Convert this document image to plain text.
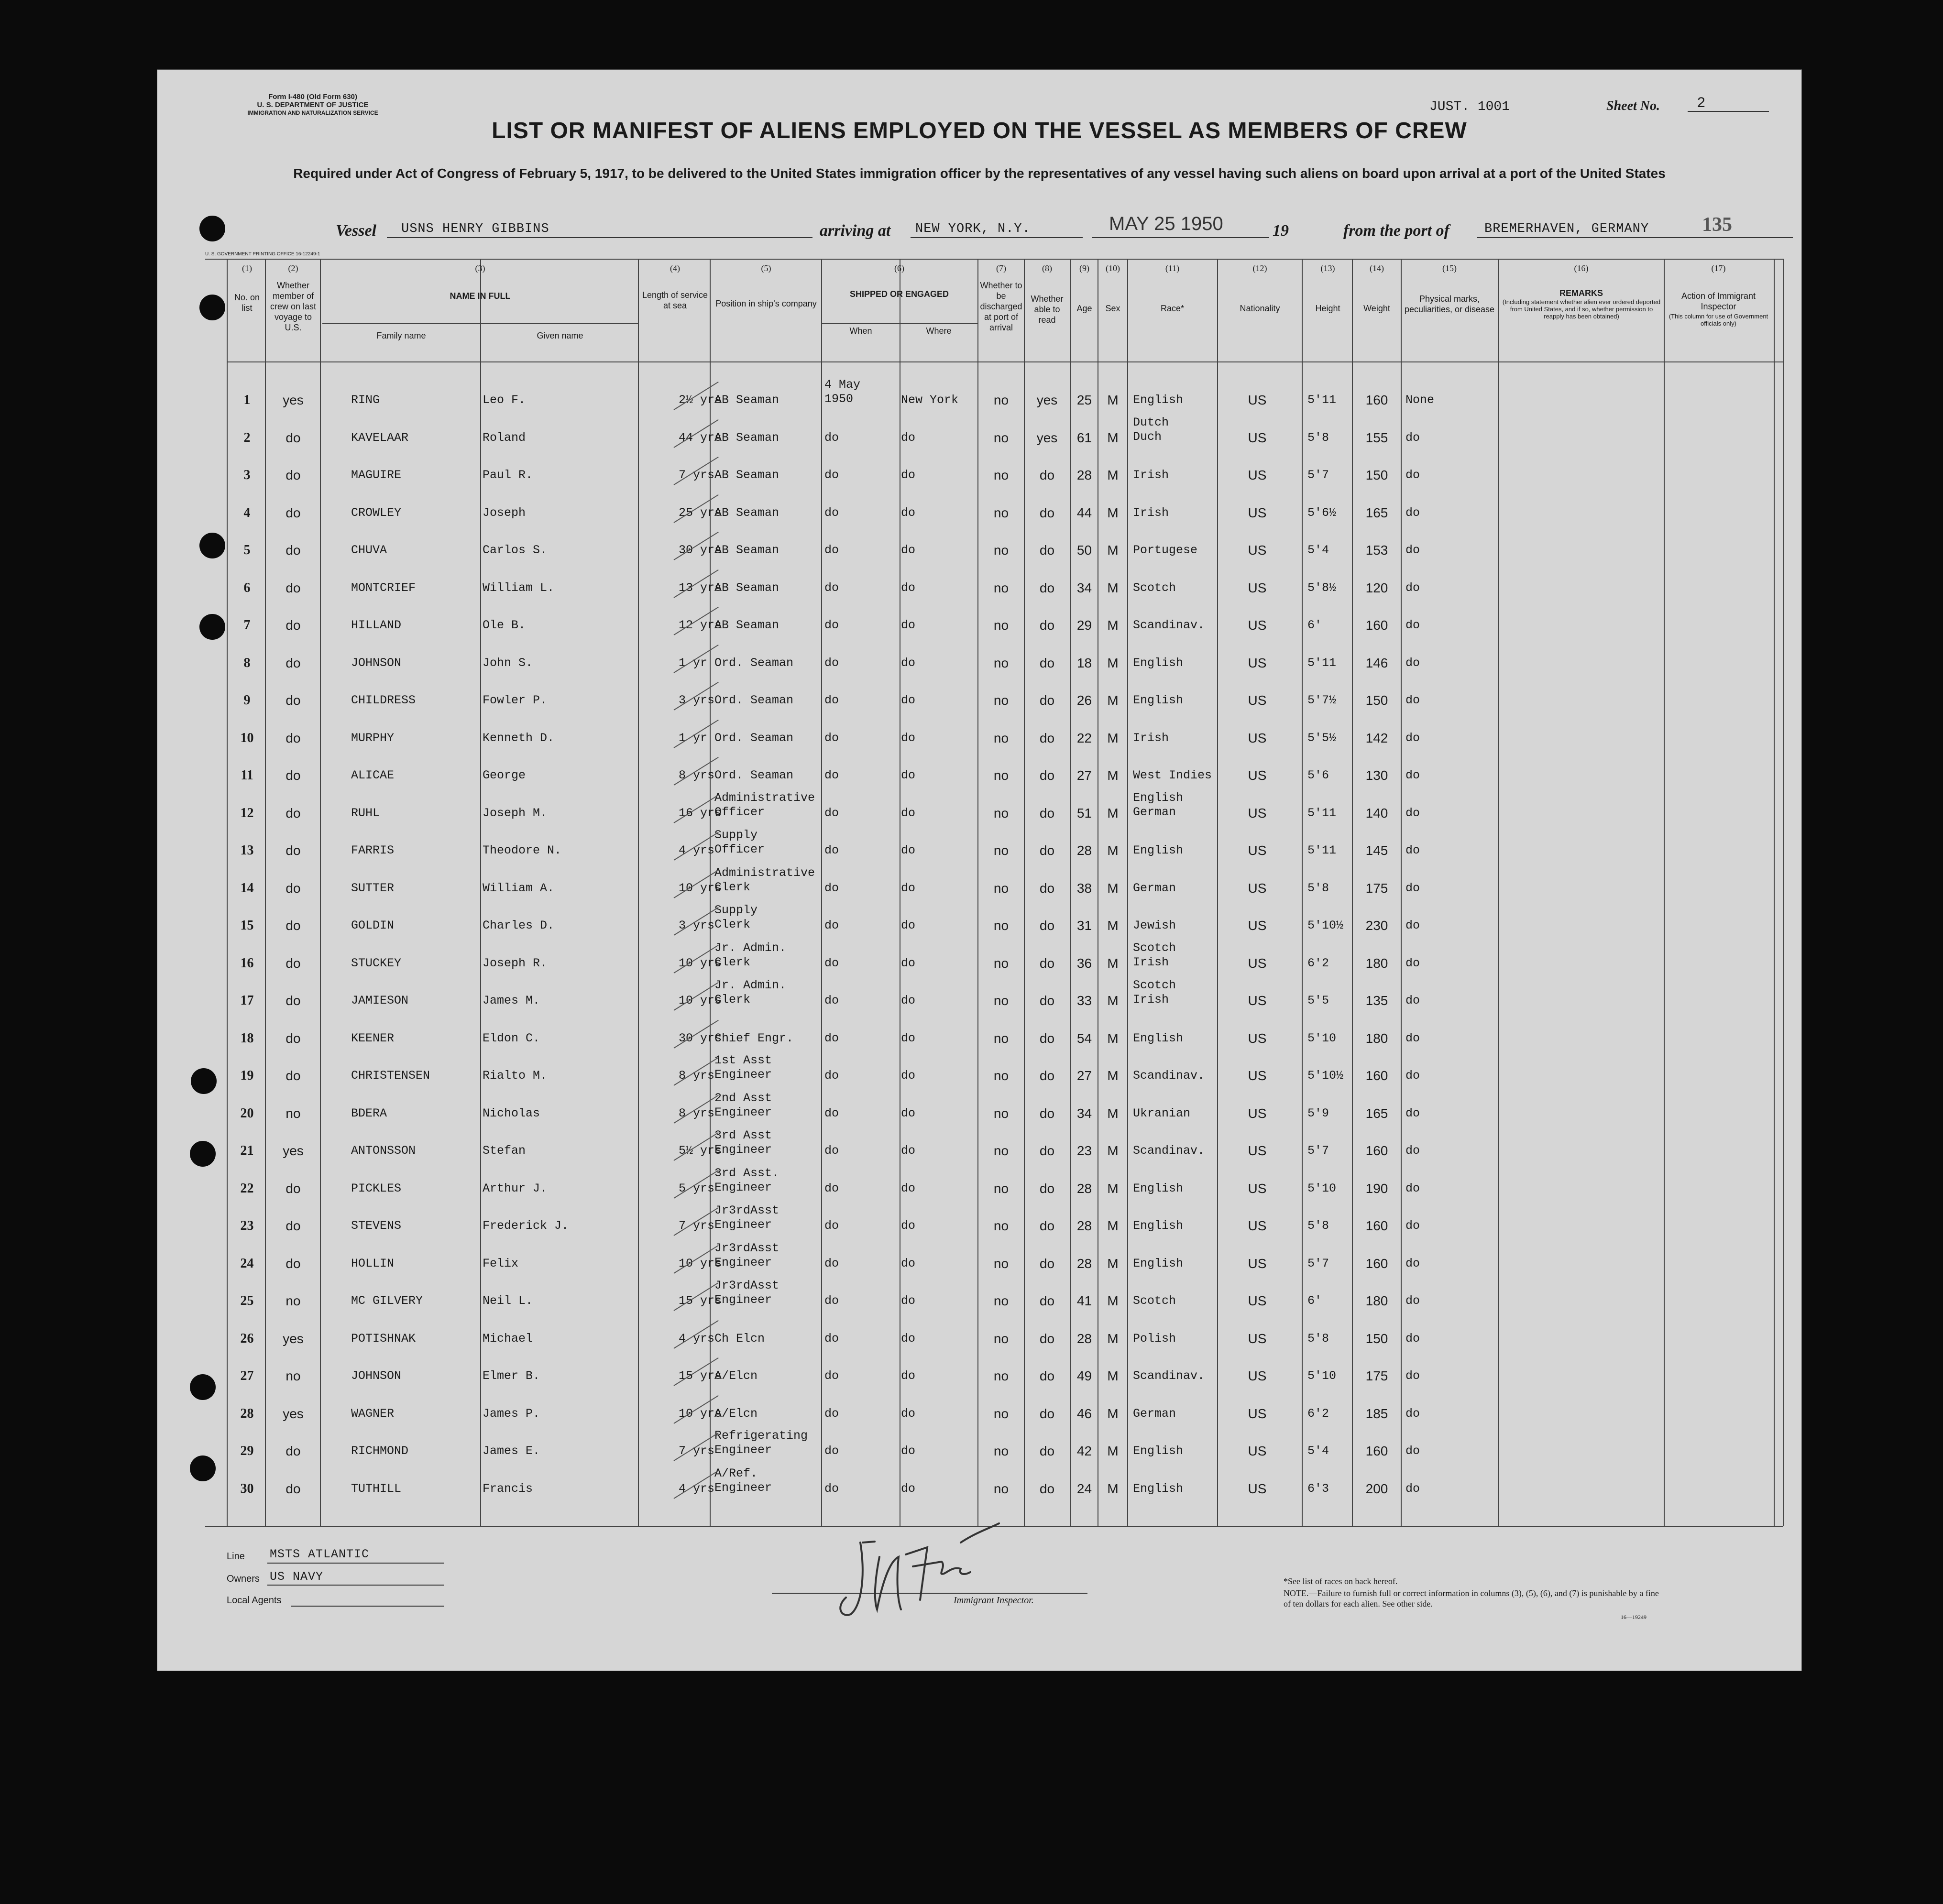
Form I-480 (Old Form 630)
U. S. DEPARTMENT OF JUSTICE
IMMIGRATION AND NATURALIZATION SERVICE	JUST. 1001	Sheet No.	2
LIST OR MANIFEST OF ALIENS EMPLOYED ON THE VESSEL AS MEMBERS OF CREW
Required under Act of Congress of February 5, 1917, to be delivered to the United States immigration officer by the representatives of any vessel having such aliens on board upon arrival at a port of the United States
Vessel USNS HENRY GIBBINS	arriving at NEW YORK, N.Y.	MAY 25 1950	19	from the port of	BREMERHAVEN, GERMANY	135
U. S. GOVERNMENT PRINTING OFFICE 16-12249-1
No. on list
Whether member of crew on last voyage to U.S.
NAME IN FULL
Family name	Given name
Length of service at sea	Position in ship's company
SHIPPED OR ENGAGED
When	Where
Whether to be discharged at port of arrival
Whether able to read
Age	Sex	Race*	Nationality	Height	Weight
Physical marks, peculiarities, or disease
REMARKS
(Including statement whether alien ever ordered deported from United States, and if so, whether permission to reapply has been obtained)
Action of Immigrant Inspector
(This column for use of Government officials only)
(1)	(2)	(3)	(4)	(5)	(6)	(7)	(8)	(9)	(10)	(11)	(12)	(13)	(14)	(15)	(16)	(17)
1	yes	RING	Leo F.	2½ yrs
AB Seaman
4 May
1950	New York	no	yes	25	M	English	US	5'11	160	None
2	do	KAVELAAR	Roland	44 yrs
AB Seaman	do	do	no	yes	61	M
Dutch
Duch	US	5'8	155	do
3	do	MAGUIRE	Paul R.	7 yrs AB Seaman	do	do	no	do	28	M	Irish	US	5'7	150	do
4	do	CROWLEY	Joseph	25 yrs
AB Seaman	do	do	no	do	44	M	Irish	US	5'6½	165	do
5	do	CHUVA	Carlos S.	30 yrs
AB Seaman	do	do	no	do	50	M	Portugese	US	5'4	153	do
6	do	MONTCRIEF	William L.	13 yrs
AB Seaman	do	do	no	do	34	M	Scotch	US	5'8½	120	do
7	do	HILLAND	Ole B.	12 yrs
AB Seaman	do	do	no	do	29	M	Scandinav.	US	6'	160	do
8	do	JOHNSON	John S.	1 yr Ord. Seaman	do	do	no	do	18	M	English	US	5'11	146	do
9	do	CHILDRESS	Fowler P.	3 yrs Ord. Seaman	do	do	no	do	26	M	English	US	5'7½	150	do
10	do	MURPHY	Kenneth D.	1 yr Ord. Seaman	do	do	no	do	22	M	Irish	US	5'5½	142	do
11	do	ALICAE	George	8 yrs Ord. Seaman	do	do	no	do	27	M	West Indies	US	5'6	130	do
12	do	RUHL	Joseph M.	16 yrs
Administrative
Officer	do	do	no	do	51	M
English
German	US	5'11	140	do
13	do	FARRIS	Theodore N.	4 yrs
Supply
Officer	do	do	no	do	28	M	English	US	5'11	145	do
14	do	SUTTER	William A.	10 yrs
Administrative
Clerk	do	do	no	do	38	M	German	US	5'8	175	do
15	do	GOLDIN	Charles D.	3 yrs
Supply
Clerk	do	do	no	do	31	M	Jewish	US	5'10½	230	do
16	do	STUCKEY	Joseph R.	10 yrs
Jr. Admin.
Clerk	do	do	no	do	36	M
Scotch
Irish	US	6'2	180	do
17	do	JAMIESON	James M.	10 yrs
Jr. Admin.
Clerk	do	do	no	do	33	M
Scotch
Irish	US	5'5	135	do
18	do	KEENER	Eldon C.	30 yrs
Chief Engr.	do	do	no	do	54	M	English	US	5'10	180	do
19	do	CHRISTENSEN	Rialto M.	8 yrs
1st Asst
Engineer	do	do	no	do	27	M	Scandinav.	US	5'10½	160	do
20	no	BDERA	Nicholas	8 yrs
2nd Asst
Engineer	do	do	no	do	34	M	Ukranian	US	5'9	165	do
21	yes	ANTONSSON	Stefan	5½ yrs
3rd Asst
Engineer	do	do	no	do	23	M	Scandinav.	US	5'7	160	do
22	do	PICKLES	Arthur J.	5 yrs
3rd Asst.
Engineer	do	do	no	do	28	M	English	US	5'10	190	do
23	do	STEVENS	Frederick J.	7 yrs
Jr3rdAsst
Engineer	do	do	no	do	28	M	English	US	5'8	160	do
24	do	HOLLIN	Felix	10 yrs
Jr3rdAsst
Engineer	do	do	no	do	28	M	English	US	5'7	160	do
25	no	MC GILVERY	Neil L.	15 yrs
Jr3rdAsst
Engineer	do	do	no	do	41	M	Scotch	US	6'	180	do
26	yes	POTISHNAK	Michael	4 yrs Ch Elcn	do	do	no	do	28	M	Polish	US	5'8	150	do
27	no	JOHNSON	Elmer B.	15 yrs
A/Elcn	do	do	no	do	49	M	Scandinav.	US	5'10	175	do
28	yes	WAGNER	James P.	10 yrs
A/Elcn	do	do	no	do	46	M	German	US	6'2	185	do
29	do	RICHMOND	James E.	7 yrs
Refrigerating
Engineer	do	do	no	do	42	M	English	US	5'4	160	do
30	do	TUTHILL	Francis	4 yrs
A/Ref.
Engineer	do	do	no	do	24	M	English	US	6'3	200	do
Line MSTS ATLANTIC
Owners US NAVY
Local Agents	Immigrant Inspector.
*See list of races on back hereof.
NOTE.—Failure to furnish full or correct information in columns (3), (5), (6), and (7) is punishable by a fine of ten dollars for each alien. See other side.
16—19249
